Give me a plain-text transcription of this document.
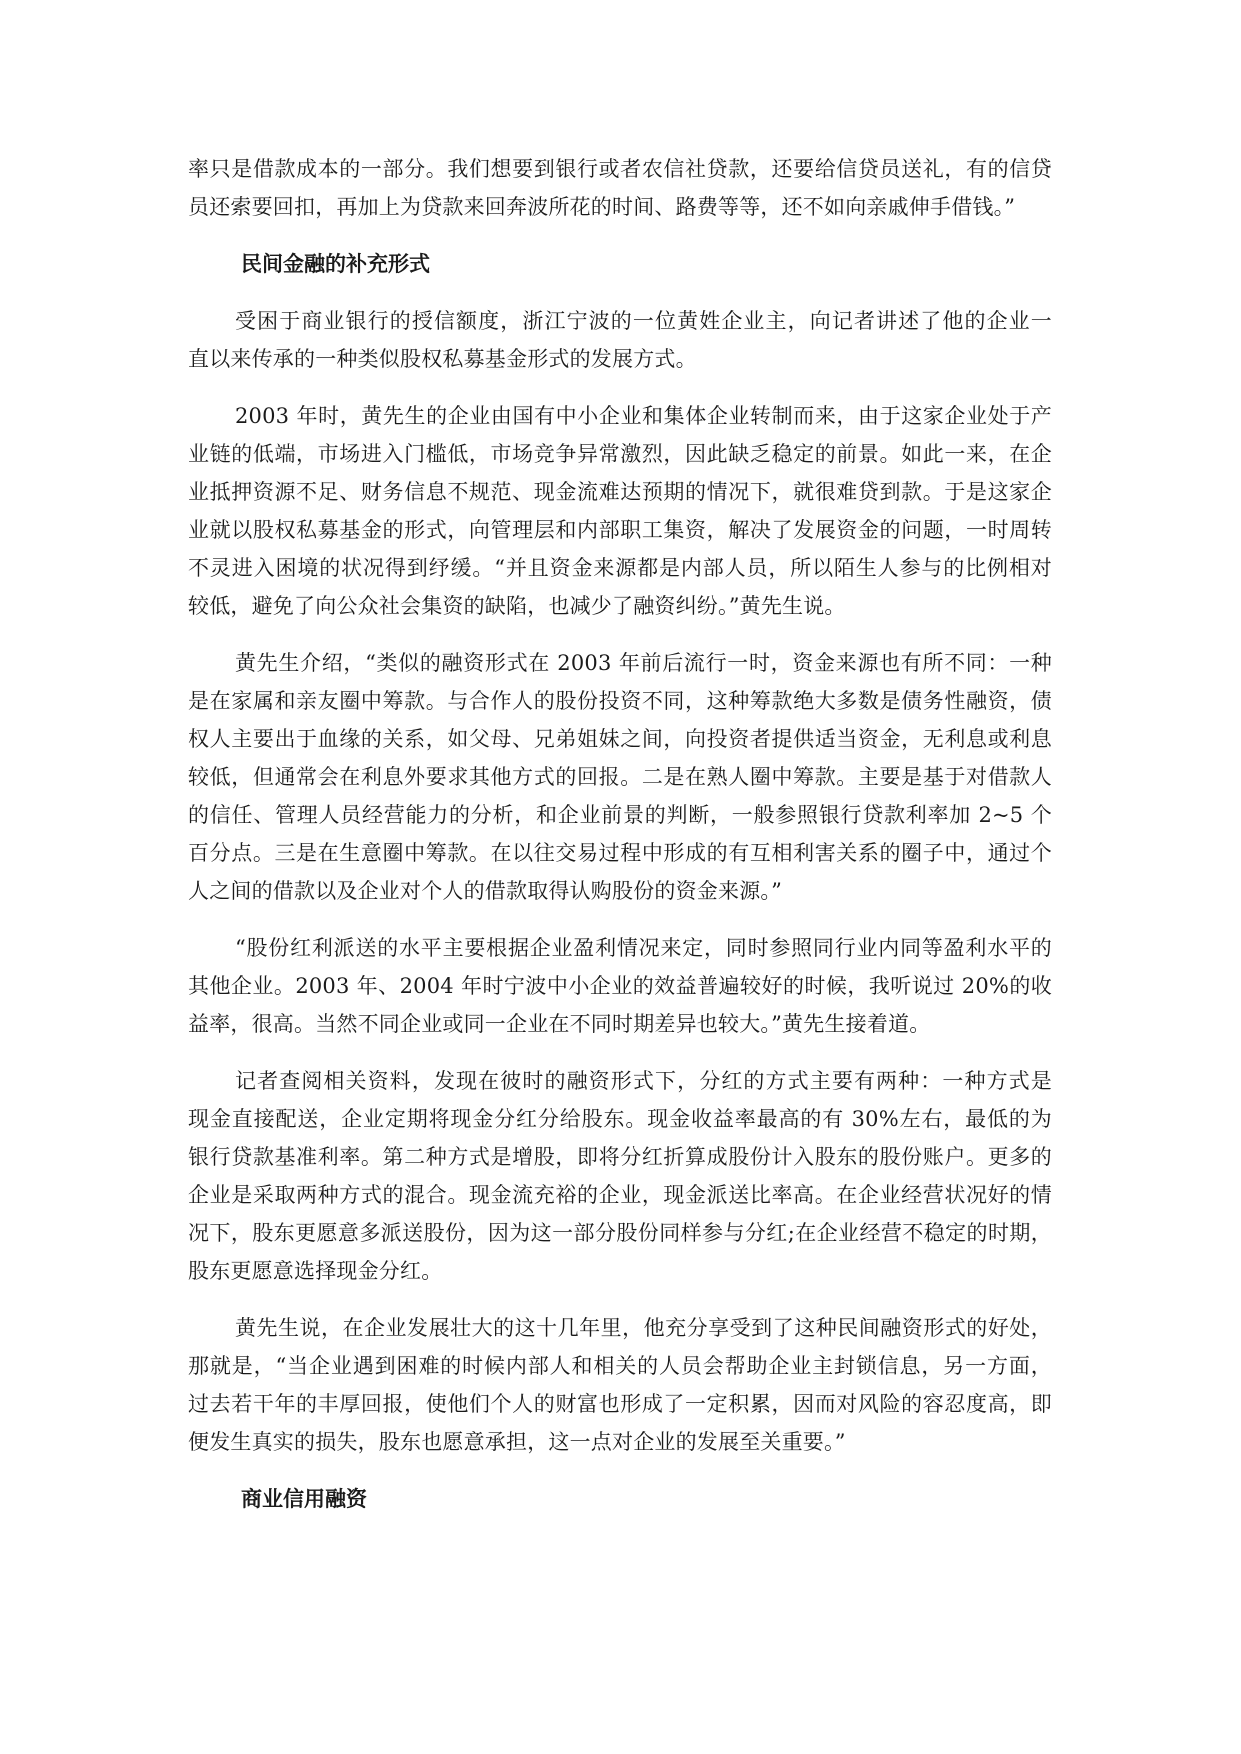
率只是借款成本的一部分。我们想要到银行或者农信社贷款，还要给信贷员送礼，有的信贷
员还索要回扣，再加上为贷款来回奔波所花的时间、路费等等，还不如向亲戚伸手借钱。”
民间金融的补充形式
受困于商业银行的授信额度，浙江宁波的一位黄姓企业主，向记者讲述了他的企业一
直以来传承的一种类似股权私募基金形式的发展方式。
2003 年时，黄先生的企业由国有中小企业和集体企业转制而来，由于这家企业处于产
业链的低端，市场进入门槛低，市场竞争异常激烈，因此缺乏稳定的前景。如此一来，在企
业抵押资源不足、财务信息不规范、现金流难达预期的情况下，就很难贷到款。于是这家企
业就以股权私募基金的形式，向管理层和内部职工集资，解决了发展资金的问题，一时周转
不灵进入困境的状况得到纾缓。“并且资金来源都是内部人员，所以陌生人参与的比例相对
较低，避免了向公众社会集资的缺陷，也减少了融资纠纷。”黄先生说。
黄先生介绍，“类似的融资形式在 2003 年前后流行一时，资金来源也有所不同：一种
是在家属和亲友圈中筹款。与合作人的股份投资不同，这种筹款绝大多数是债务性融资，债
权人主要出于血缘的关系，如父母、兄弟姐妹之间，向投资者提供适当资金，无利息或利息
较低，但通常会在利息外要求其他方式的回报。二是在熟人圈中筹款。主要是基于对借款人
的信任、管理人员经营能力的分析，和企业前景的判断，一般参照银行贷款利率加 2~5 个
百分点。三是在生意圈中筹款。在以往交易过程中形成的有互相利害关系的圈子中，通过个
人之间的借款以及企业对个人的借款取得认购股份的资金来源。”
“股份红利派送的水平主要根据企业盈利情况来定，同时参照同行业内同等盈利水平的
其他企业。2003 年、2004 年时宁波中小企业的效益普遍较好的时候，我听说过 20%的收
益率，很高。当然不同企业或同一企业在不同时期差异也较大。”黄先生接着道。
记者查阅相关资料，发现在彼时的融资形式下，分红的方式主要有两种：一种方式是
现金直接配送，企业定期将现金分红分给股东。现金收益率最高的有 30%左右，最低的为
银行贷款基准利率。第二种方式是增股，即将分红折算成股份计入股东的股份账户。更多的
企业是采取两种方式的混合。现金流充裕的企业，现金派送比率高。在企业经营状况好的情
况下，股东更愿意多派送股份，因为这一部分股份同样参与分红;在企业经营不稳定的时期，
股东更愿意选择现金分红。
黄先生说，在企业发展壮大的这十几年里，他充分享受到了这种民间融资形式的好处，
那就是，“当企业遇到困难的时候内部人和相关的人员会帮助企业主封锁信息，另一方面，
过去若干年的丰厚回报，使他们个人的财富也形成了一定积累，因而对风险的容忍度高，即
便发生真实的损失，股东也愿意承担，这一点对企业的发展至关重要。”
商业信用融资
